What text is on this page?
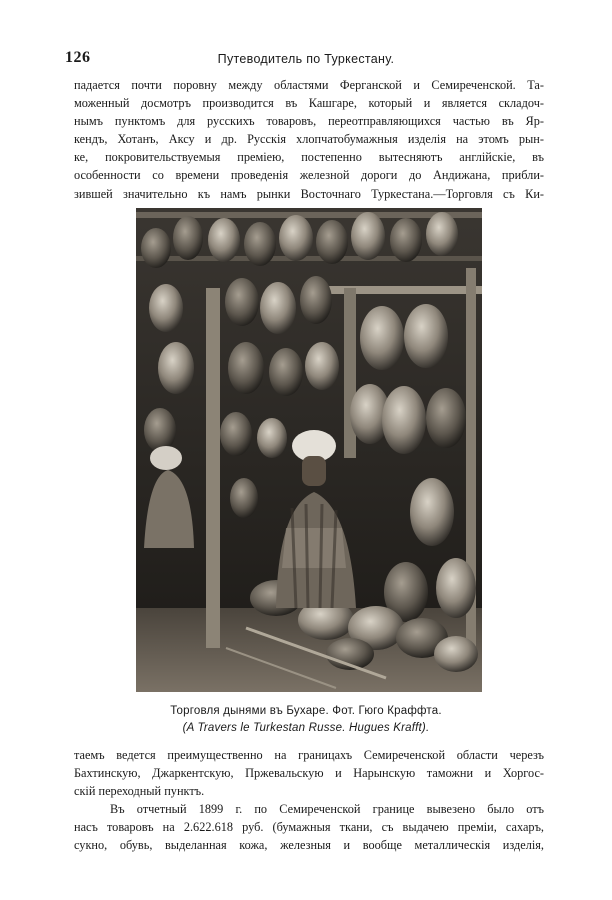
126	Путеводитель по Туркестану.

падается почти поровну между областями Ферганской и Семиреченской. Та-
моженный досмотръ производится въ Кашгаре, который и является складоч-
нымъ пунктомъ для русскихъ товаровъ, переотправляющихся частью въ Яр-
кендъ, Хотанъ, Аксу и др. Русскія хлопчатобумажныя изделія на этомъ рын-
ке, покровительствуемыя преміею, постепенно вытесняютъ англійскіе, въ
особенности со времени проведенія железной дороги до Андижана, прибли-
зившей значительно къ намъ рынки Восточнаго Туркестана.—Торговля съ Ки-

Торговля дынями въ Бухаре. Фот. Гюго Краффта.
(A Travers le Turkestan Russe. Hugues Krafft).

таемъ ведется преимущественно на границахъ Семиреченской области черезъ
Бахтинскую, Джаркентскую, Пржевальскую и Нарынскую таможни и Хоргос-
скій переходный пунктъ.
Въ отчетный 1899 г. по Семиреченской границе вывезено было отъ
насъ товаровъ на 2.622.618 руб. (бумажныя ткани, съ выдачею преміи, сахаръ,
сукно, обувь, выделанная кожа, железныя и вообще металлическія изделія,
